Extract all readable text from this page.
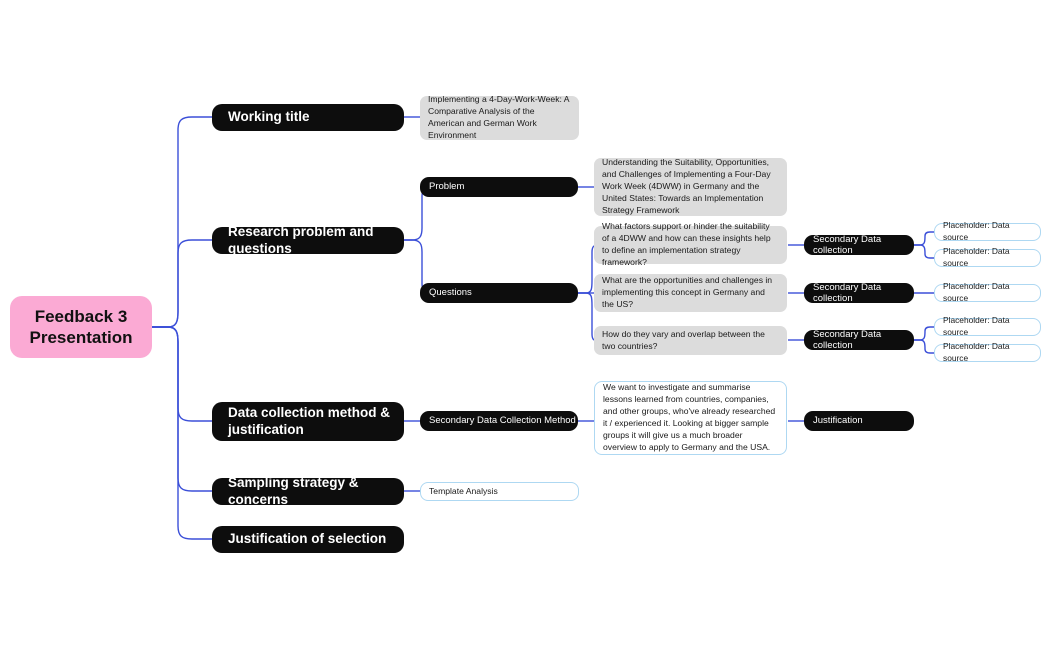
Feedback 3
Presentation
Working title
Implementing a 4-Day-Work-Week: A Comparative Analysis of the American and German Work Environment
Research problem and questions
Problem
Understanding the Suitability, Opportunities, and Challenges of Implementing a Four-Day Work Week (4DWW) in Germany and the United States: Towards an Implementation Strategy Framework
Questions
What factors support or hinder the suitability of a 4DWW and how can these insights help to define an implementation strategy framework?
Secondary Data collection
Placeholder: Data source
Placeholder: Data source
What are the opportunities and challenges in implementing this concept in Germany and the US?
Secondary Data collection
Placeholder: Data source
How do they vary and overlap between the two countries?
Secondary Data collection
Placeholder: Data source
Placeholder: Data source
Data collection method & justification
Secondary Data Collection Method
We want to investigate and summarise lessons learned from countries, companies, and other groups, who've already researched it / experienced it. Looking at bigger sample groups it will give us a much broader overview to apply to Germany and the USA.
Justification
Sampling strategy & concerns
Template Analysis
Justification of selection
